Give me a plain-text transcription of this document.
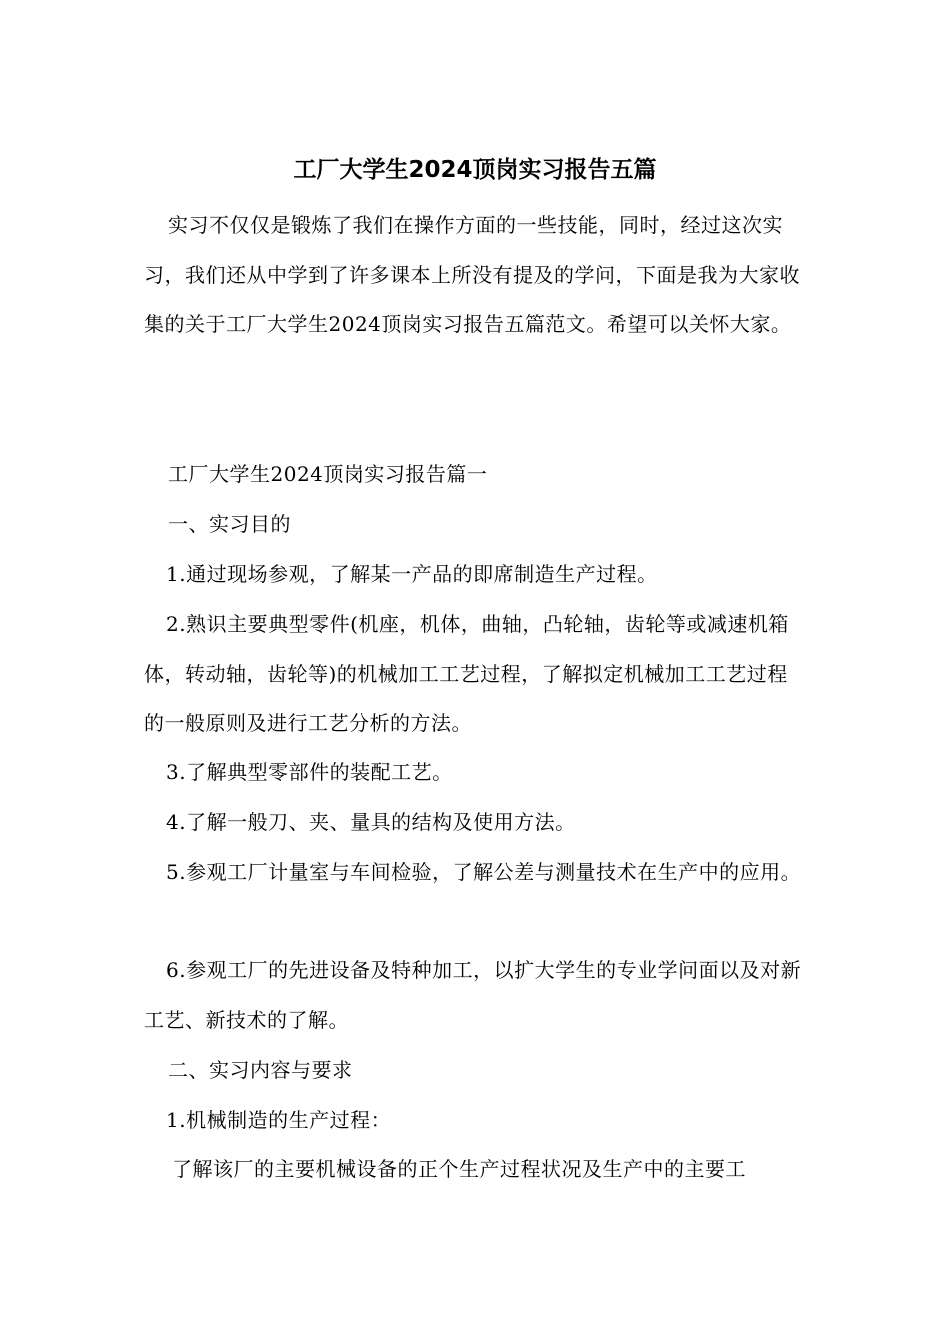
工厂大学生2024顶岗实习报告五篇

实习不仅仅是锻炼了我们在操作方面的一些技能，同时，经过这次实习，我们还从中学到了许多课本上所没有提及的学问，下面是我为大家收集的关于工厂大学生2024顶岗实习报告五篇范文。希望可以关怀大家。

工厂大学生2024顶岗实习报告篇一

一、实习目的

1.通过现场参观，了解某一产品的即席制造生产过程。

2.熟识主要典型零件(机座，机体，曲轴，凸轮轴，齿轮等或减速机箱体，转动轴，齿轮等)的机械加工工艺过程，了解拟定机械加工工艺过程的一般原则及进行工艺分析的方法。

3.了解典型零部件的装配工艺。

4.了解一般刀、夹、量具的结构及使用方法。

5.参观工厂计量室与车间检验，了解公差与测量技术在生产中的应用。

6.参观工厂的先进设备及特种加工，以扩大学生的专业学问面以及对新工艺、新技术的了解。

二、实习内容与要求

1.机械制造的生产过程：

了解该厂的主要机械设备的正个生产过程状况及生产中的主要工
